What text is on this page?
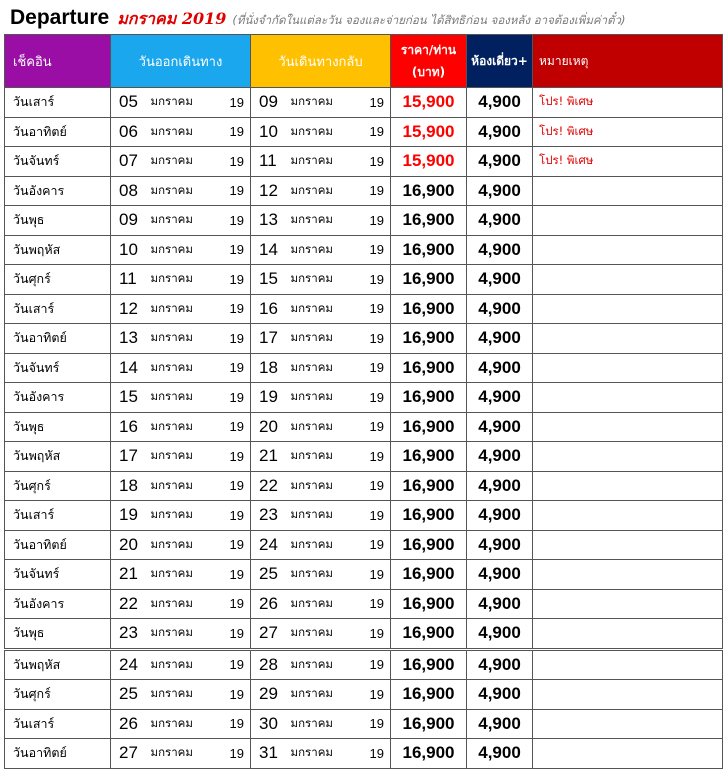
Departure มกราคม 2019 (ที่นั่งจำกัดในแต่ละวัน จองและจ่ายก่อน ได้สิทธิก่อน จองหลัง อาจต้องเพิ่มค่าตั๋ว)
เช็คอิน	วันออกเดินทาง			วันเดินทางกลับ			ราคา/ท่าน
(บาท)	ห้องเดี่ยว+	หมายเหตุ
วันเสาร์	05	มกราคม	19	09	มกราคม	19	15,900	4,900	โปร! พิเศษ
วันอาทิตย์	06	มกราคม	19	10	มกราคม	19	15,900	4,900	โปร! พิเศษ
วันจันทร์	07	มกราคม	19	11	มกราคม	19	15,900	4,900	โปร! พิเศษ
วันอังคาร	08	มกราคม	19	12	มกราคม	19	16,900	4,900	
วันพุธ	09	มกราคม	19	13	มกราคม	19	16,900	4,900	
วันพฤหัส	10	มกราคม	19	14	มกราคม	19	16,900	4,900	
วันศุกร์	11	มกราคม	19	15	มกราคม	19	16,900	4,900	
วันเสาร์	12	มกราคม	19	16	มกราคม	19	16,900	4,900	
วันอาทิตย์	13	มกราคม	19	17	มกราคม	19	16,900	4,900	
วันจันทร์	14	มกราคม	19	18	มกราคม	19	16,900	4,900	
วันอังคาร	15	มกราคม	19	19	มกราคม	19	16,900	4,900	
วันพุธ	16	มกราคม	19	20	มกราคม	19	16,900	4,900	
วันพฤหัส	17	มกราคม	19	21	มกราคม	19	16,900	4,900	
วันศุกร์	18	มกราคม	19	22	มกราคม	19	16,900	4,900	
วันเสาร์	19	มกราคม	19	23	มกราคม	19	16,900	4,900	
วันอาทิตย์	20	มกราคม	19	24	มกราคม	19	16,900	4,900	
วันจันทร์	21	มกราคม	19	25	มกราคม	19	16,900	4,900	
วันอังคาร	22	มกราคม	19	26	มกราคม	19	16,900	4,900	
วันพุธ	23	มกราคม	19	27	มกราคม	19	16,900	4,900	
วันพฤหัส	24	มกราคม	19	28	มกราคม	19	16,900	4,900	
วันศุกร์	25	มกราคม	19	29	มกราคม	19	16,900	4,900	
วันเสาร์	26	มกราคม	19	30	มกราคม	19	16,900	4,900	
วันอาทิตย์	27	มกราคม	19	31	มกราคม	19	16,900	4,900	
